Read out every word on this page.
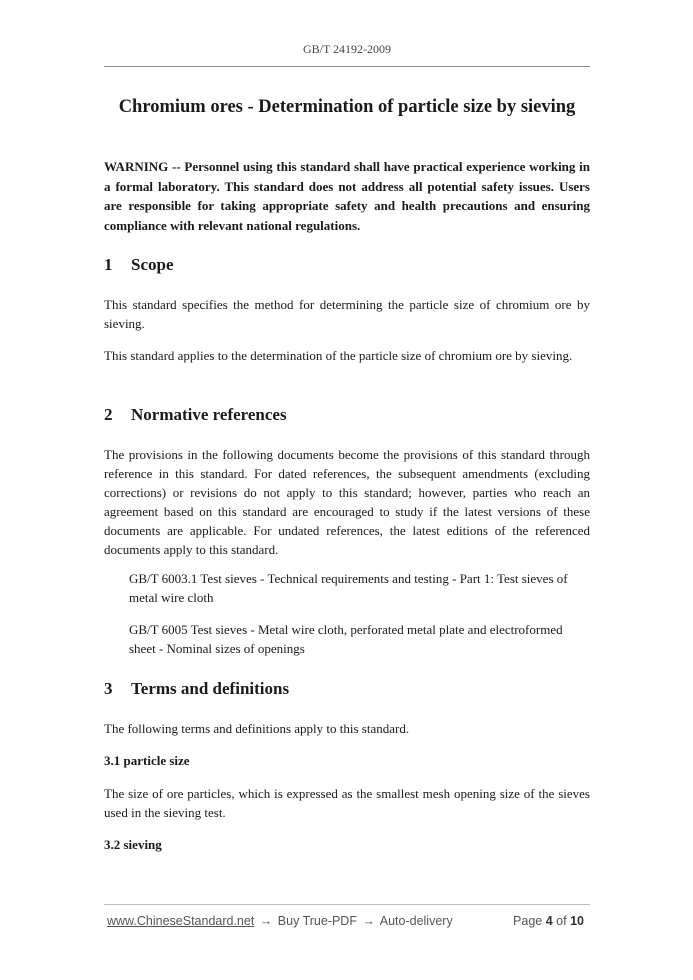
GB/T 24192-2009
Chromium ores - Determination of particle size by sieving

WARNING -- Personnel using this standard shall have practical experience working in a formal laboratory. This standard does not address all potential safety issues. Users are responsible for taking appropriate safety and health precautions and ensuring compliance with relevant national regulations.

1 Scope

This standard specifies the method for determining the particle size of chromium ore by sieving.

This standard applies to the determination of the particle size of chromium ore by sieving.

2 Normative references

The provisions in the following documents become the provisions of this standard through reference in this standard. For dated references, the subsequent amendments (excluding corrections) or revisions do not apply to this standard; however, parties who reach an agreement based on this standard are encouraged to study if the latest versions of these documents are applicable. For undated references, the latest editions of the referenced documents apply to this standard.

GB/T 6003.1 Test sieves - Technical requirements and testing - Part 1: Test sieves of metal wire cloth

GB/T 6005 Test sieves - Metal wire cloth, perforated metal plate and electroformed sheet - Nominal sizes of openings

3 Terms and definitions

The following terms and definitions apply to this standard.

3.1 particle size

The size of ore particles, which is expressed as the smallest mesh opening size of the sieves used in the sieving test.

3.2 sieving
www.ChineseStandard.net → Buy True-PDF → Auto-delivery	Page 4 of 10
